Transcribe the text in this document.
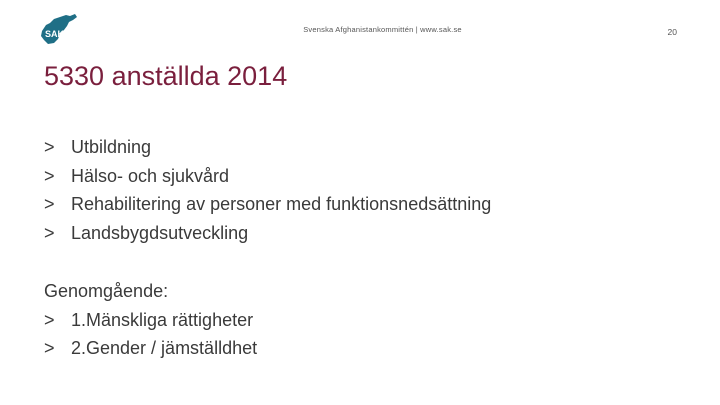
SAK	Svenska Afghanistankommittén | www.sak.se	20
5330 anställda 2014
> Utbildning
> Hälso- och sjukvård
> Rehabilitering av personer med funktionsnedsättning
> Landsbygdsutveckling
Genomgående:
> 1.Mänskliga rättigheter
> 2.Gender / jämställdhet
